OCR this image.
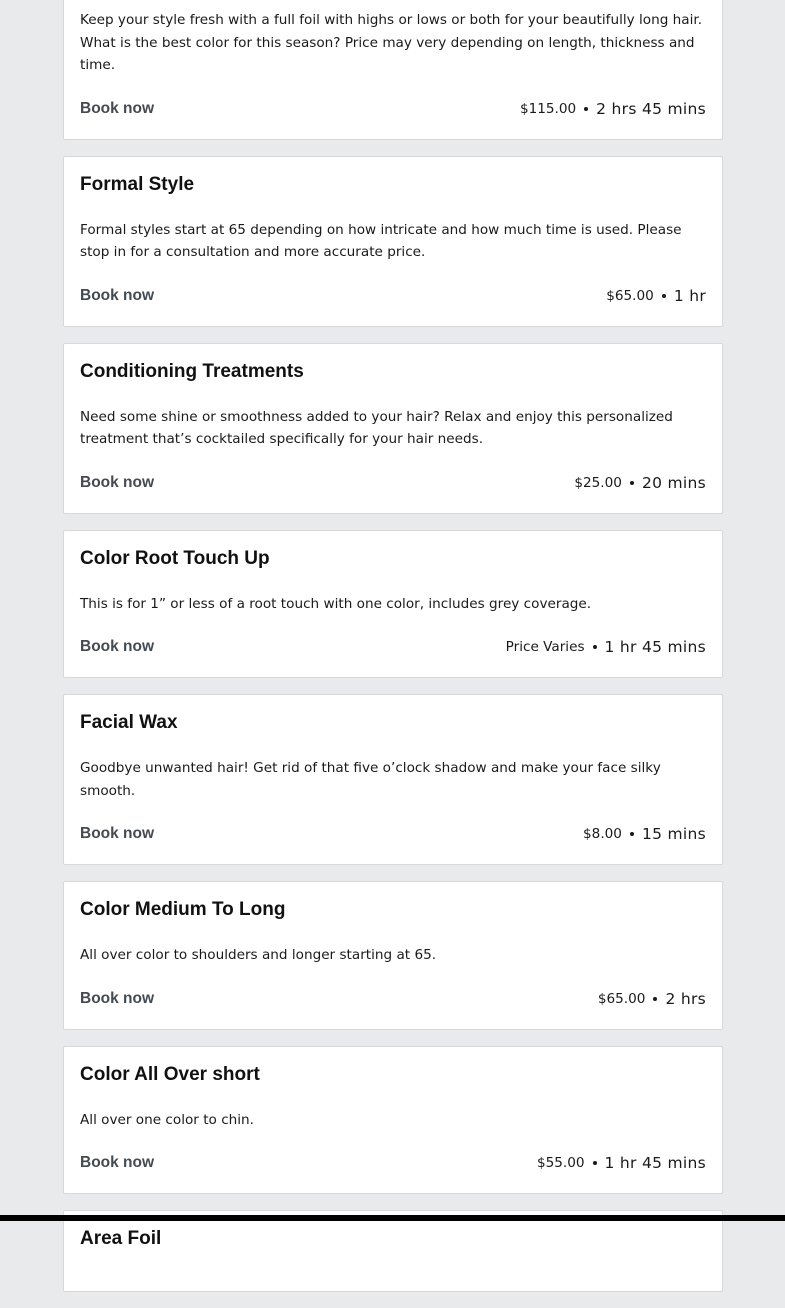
Keep your style fresh with a full foil with highs or lows or both for your beautifully long hair. What is the best color for this season? Price may very depending on length, thickness and time.
Book now	$115.00 2 hrs 45 mins
Formal Style
Formal styles start at 65 depending on how intricate and how much time is used. Please stop in for a consultation and more accurate price.
Book now	$65.00 1 hr
Conditioning Treatments
Need some shine or smoothness added to your hair? Relax and enjoy this personalized treatment that’s cocktailed specifically for your hair needs.
Book now	$25.00 20 mins
Color Root Touch Up
This is for 1” or less of a root touch with one color, includes grey coverage.
Book now	Price Varies 1 hr 45 mins
Facial Wax
Goodbye unwanted hair! Get rid of that five o’clock shadow and make your face silky smooth.
Book now	$8.00 15 mins
Color Medium To Long
All over color to shoulders and longer starting at 65.
Book now	$65.00 2 hrs
Color All Over short
All over one color to chin.
Book now	$55.00 1 hr 45 mins
Area Foil
